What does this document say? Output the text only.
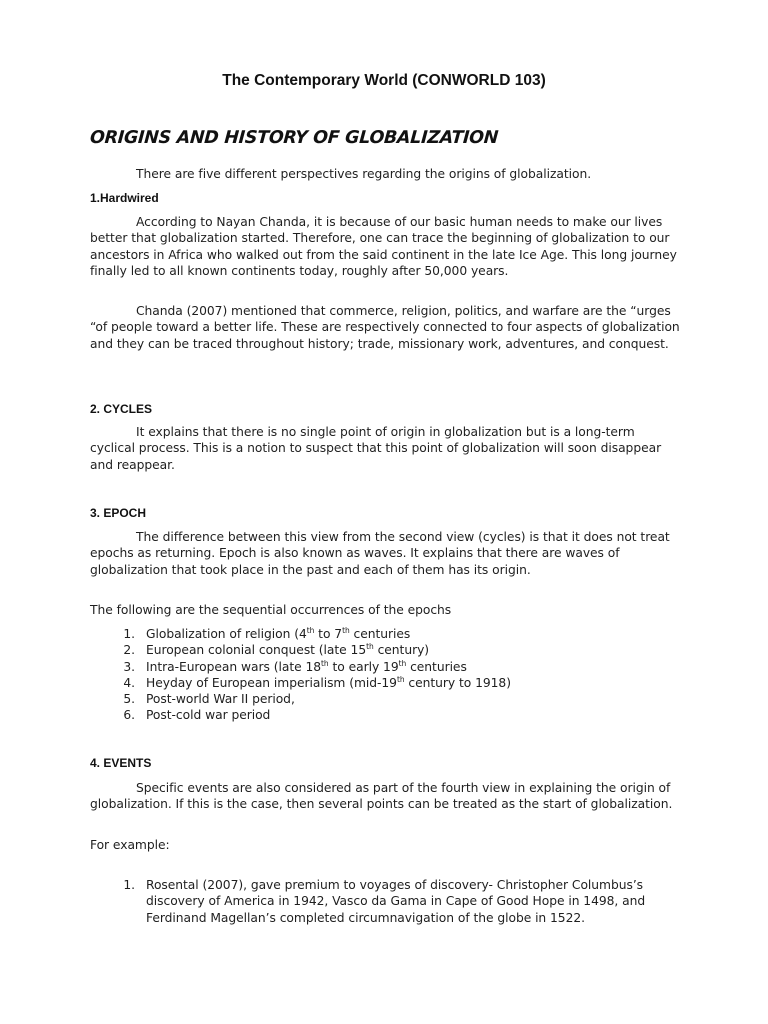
The Contemporary World (CONWORLD 103)
ORIGINS AND HISTORY OF GLOBALIZATION

There are five different perspectives regarding the origins of globalization.

1.Hardwired

According to Nayan Chanda, it is because of our basic human needs to make our lives better that globalization started. Therefore, one can trace the beginning of globalization to our ancestors in Africa who walked out from the said continent in the late Ice Age. This long journey finally led to all known continents today, roughly after 50,000 years.

Chanda (2007) mentioned that commerce, religion, politics, and warfare are the “urges “of people toward a better life. These are respectively connected to four aspects of globalization and they can be traced throughout history; trade, missionary work, adventures, and conquest.

2. CYCLES

It explains that there is no single point of origin in globalization but is a long-term cyclical process. This is a notion to suspect that this point of globalization will soon disappear and reappear.

3. EPOCH

The difference between this view from the second view (cycles) is that it does not treat epochs as returning. Epoch is also known as waves. It explains that there are waves of globalization that took place in the past and each of them has its origin.

The following are the sequential occurrences of the epochs

1. Globalization of religion (4th to 7th centuries
2. European colonial conquest (late 15th century)
3. Intra-European wars (late 18th to early 19th centuries
4. Heyday of European imperialism (mid-19th century to 1918)
5. Post-world War II period,
6. Post-cold war period

4. EVENTS

Specific events are also considered as part of the fourth view in explaining the origin of globalization. If this is the case, then several points can be treated as the start of globalization.

For example:

1. Rosental (2007), gave premium to voyages of discovery- Christopher Columbus’s discovery of America in 1942, Vasco da Gama in Cape of Good Hope in 1498, and Ferdinand Magellan’s completed circumnavigation of the globe in 1522.
